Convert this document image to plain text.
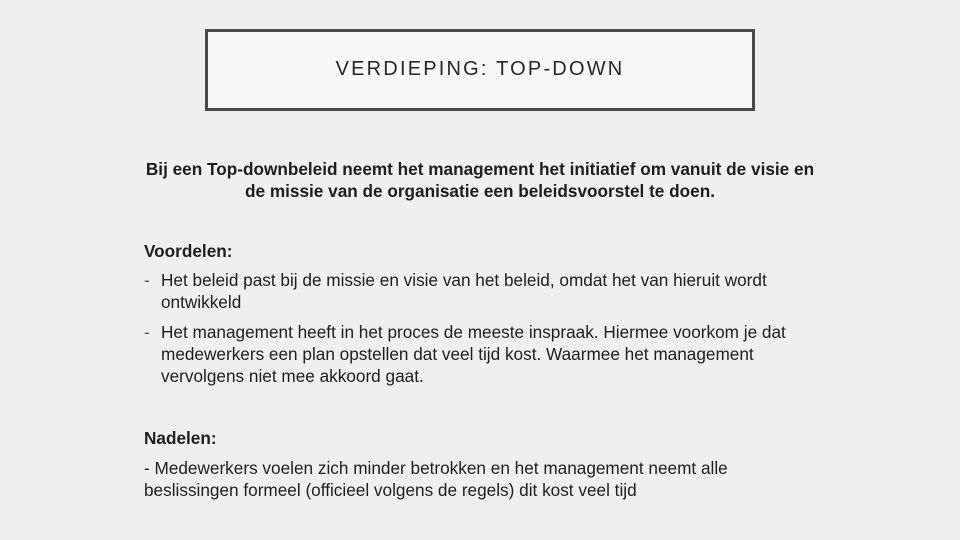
VERDIEPING: TOP-DOWN

Bij een Top-downbeleid neemt het management het initiatief om vanuit de visie en de missie van de organisatie een beleidsvoorstel te doen.

Voordelen:

- Het beleid past bij de missie en visie van het beleid, omdat het van hieruit wordt ontwikkeld
- Het management heeft in het proces de meeste inspraak. Hiermee voorkom je dat medewerkers een plan opstellen dat veel tijd kost. Waarmee het management vervolgens niet mee akkoord gaat.

Nadelen:

- Medewerkers voelen zich minder betrokken en het management neemt alle beslissingen formeel (officieel volgens de regels) dit kost veel tijd
